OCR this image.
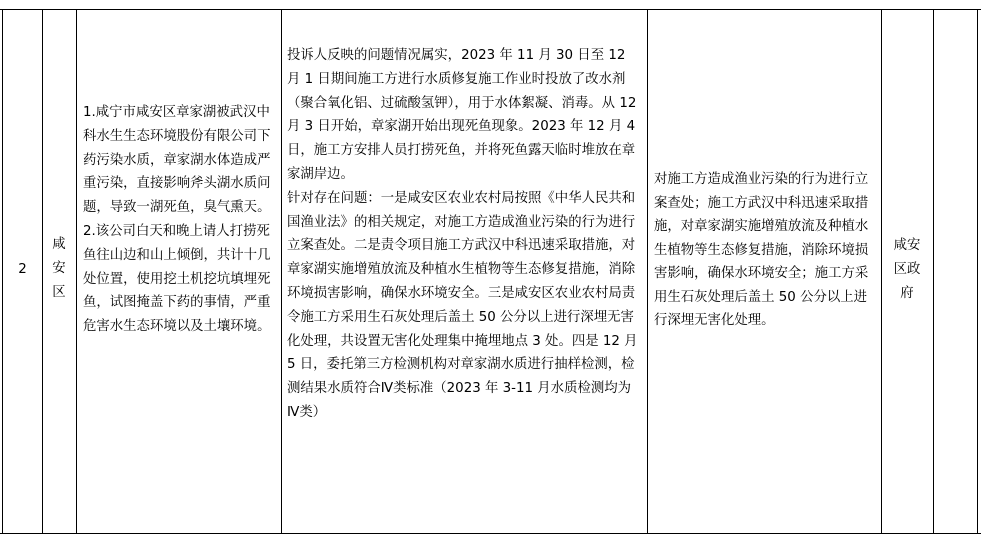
2
咸安区

1.咸宁市咸安区章家湖被武汉中科水生生态环境股份有限公司下药污染水质，章家湖水体造成严重污染，直接影响斧头湖水质问题，导致一湖死鱼，臭气熏天。

2.该公司白天和晚上请人打捞死鱼往山边和山上倾倒，共计十几处位置，使用挖土机挖坑填埋死鱼，试图掩盖下药的事情，严重危害水生态环境以及土壤环境。

投诉人反映的问题情况属实，2023 年 11 月 30 日至 12 月 1 日期间施工方进行水质修复施工作业时投放了改水剂（聚合氧化铝、过硫酸氢钾），用于水体絮凝、消毒。从 12 月 3 日开始，章家湖开始出现死鱼现象。2023 年 12 月 4 日，施工方安排人员打捞死鱼，并将死鱼露天临时堆放在章家湖岸边。

针对存在问题：一是咸安区农业农村局按照《中华人民共和国渔业法》的相关规定，对施工方造成渔业污染的行为进行立案查处。二是责令项目施工方武汉中科迅速采取措施，对章家湖实施增殖放流及种植水生植物等生态修复措施，消除环境损害影响，确保水环境安全。三是咸安区农业农村局责令施工方采用生石灰处理后盖土 50 公分以上进行深埋无害化处理，共设置无害化处理集中掩埋地点 3 处。四是 12 月 5 日，委托第三方检测机构对章家湖水质进行抽样检测，检测结果水质符合Ⅳ类标准（2023 年 3-11 月水质检测均为Ⅳ类）

对施工方造成渔业污染的行为进行立案查处；施工方武汉中科迅速采取措施，对章家湖实施增殖放流及种植水生植物等生态修复措施，消除环境损害影响，确保水环境安全；施工方采用生石灰处理后盖土 50 公分以上进行深埋无害化处理。
咸安区政府
